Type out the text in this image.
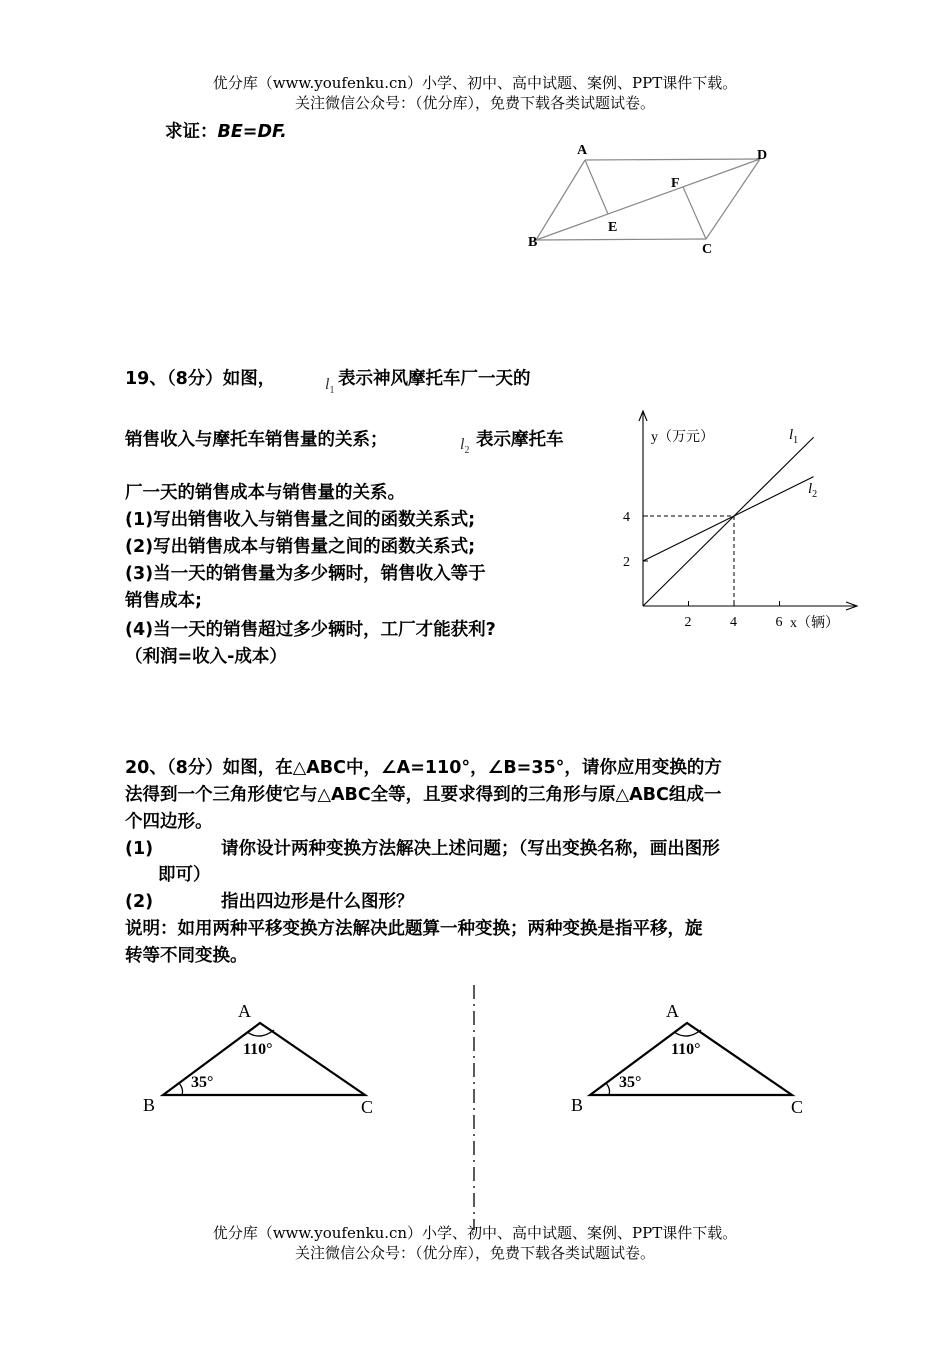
优分库（www.youfenku.cn）小学、初中、高中试题、案例、PPT课件下载。
关注微信公众号：（优分库），免费下载各类试题试卷。
求证：BE=DF.
A	D
F
E
B	C
19、（8分）如图，	$l_1$
表示神风摩托车厂一天的
销售收入与摩托车销售量的关系；	$l_2$
表示摩托车
厂一天的销售成本与销售量的关系。
(1)写出销售收入与销售量之间的函数关系式;
(2)写出销售成本与销售量之间的函数关系式;
(3)当一天的销售量为多少辆时，销售收入等于
销售成本;
(4)当一天的销售超过多少辆时，工厂才能获利?
（利润=收入-成本）
2	4	6
2
4
y（万元）
x（辆）
$l_1$
$l_2$
20、（8分）如图，在△ABC中，∠A=110°，∠B=35°，请你应用变换的方
法得到一个三角形使它与△ABC全等，且要求得到的三角形与原△ABC组成一
个四边形。
(1)	请你设计两种变换方法解决上述问题；（写出变换名称，画出图形
即可）
(2)	指出四边形是什么图形？
说明：如用两种平移变换方法解决此题算一种变换；两种变换是指平移，旋
转等不同变换。
A
B	C
110°
35°
A
B	C
110°
35°
优分库（www.youfenku.cn）小学、初中、高中试题、案例、PPT课件下载。
关注微信公众号：（优分库），免费下载各类试题试卷。
